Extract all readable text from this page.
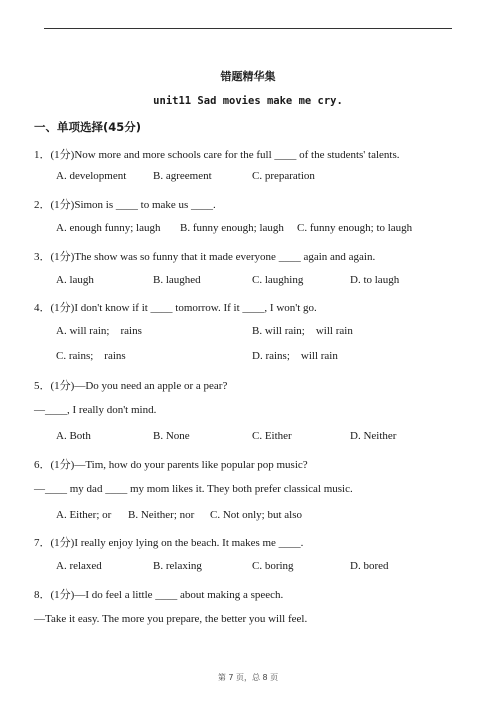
错题精华集
unit11 Sad movies make me cry.
一、单项选择(45分)
1．(1分)Now more and more schools care for the full ____ of the students' talents.
A. development B. agreement	C. preparation
2．(1分)Simon is ____ to make us ____.
A. enough funny; laugh B. funny enough; laugh C. funny enough; to laugh
3．(1分)The show was so funny that it made everyone ____ again and again.
A. laugh	B. laughed	C. laughing	D. to laugh
4．(1分)I don't know if it ____ tomorrow. If it ____, I won't go.
A. will rain;    rains	B. will rain;    will rain
C. rains;    rains	D. rains;    will rain
5．(1分)—Do you need an apple or a pear?
—____, I really don't mind.
A. Both	B. None	C. Either	D. Neither
6．(1分)—Tim, how do your parents like popular pop music?
—____ my dad ____ my mom likes it. They both prefer classical music.
A. Either; or B. Neither; nor C. Not only; but also
7．(1分)I really enjoy lying on the beach. It makes me ____.
A. relaxed	B. relaxing	C. boring	D. bored
8．(1分)—I do feel a little ____ about making a speech.
—Take it easy. The more you prepare, the better you will feel.
第 7 页，总 8 页
